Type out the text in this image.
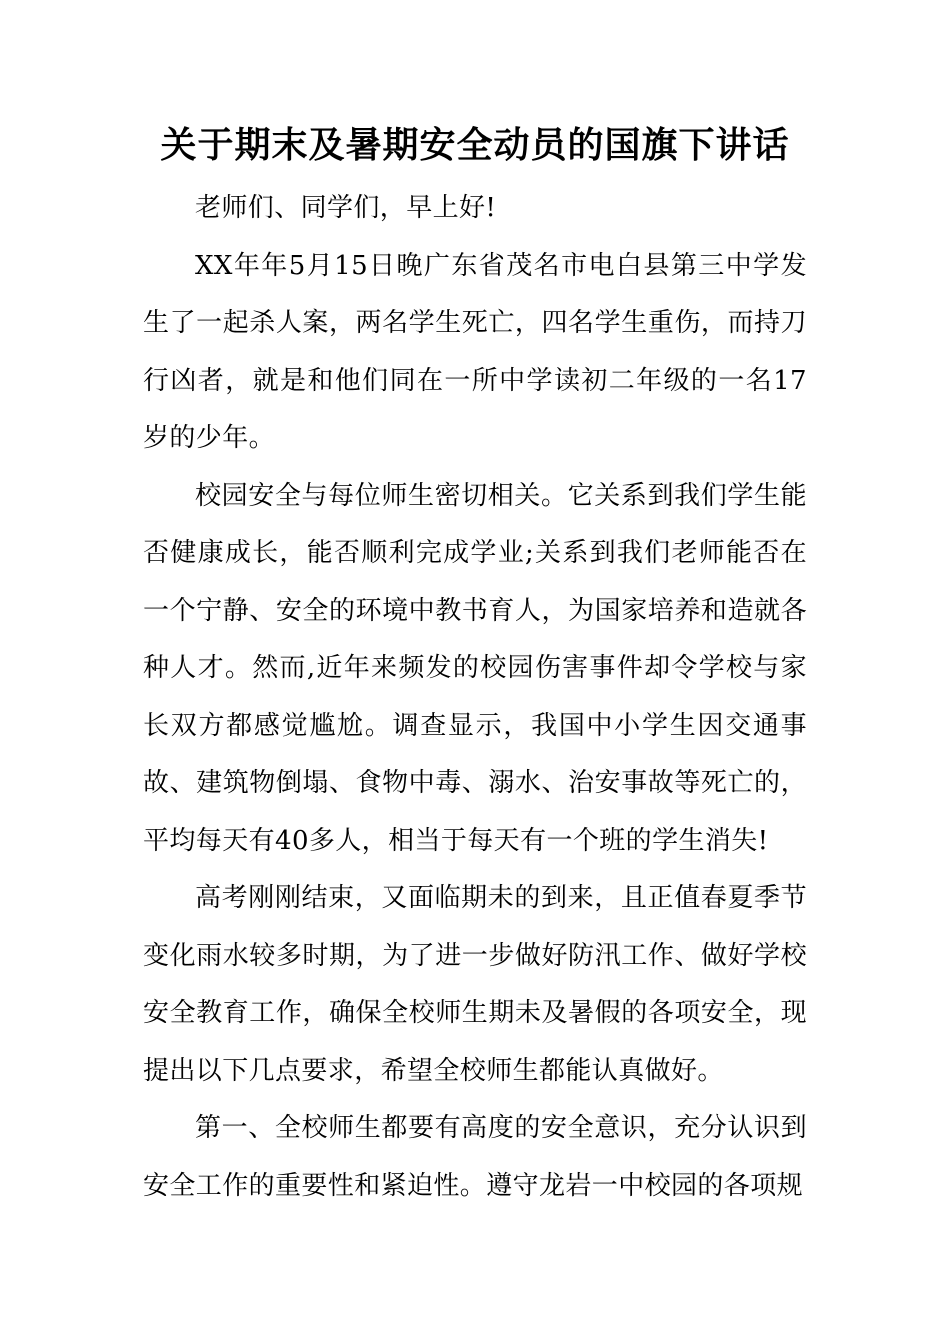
关于期末及暑期安全动员的国旗下讲话

老师们、同学们，早上好!

XX年年5月15日晚广东省茂名市电白县第三中学发生了一起杀人案，两名学生死亡，四名学生重伤，而持刀行凶者，就是和他们同在一所中学读初二年级的一名17岁的少年。

校园安全与每位师生密切相关。它关系到我们学生能否健康成长，能否顺利完成学业;关系到我们老师能否在一个宁静、安全的环境中教书育人，为国家培养和造就各种人才。然而,近年来频发的校园伤害事件却令学校与家长双方都感觉尴尬。调查显示，我国中小学生因交通事故、建筑物倒塌、食物中毒、溺水、治安事故等死亡的，平均每天有40多人，相当于每天有一个班的学生消失!

高考刚刚结束，又面临期未的到来，且正值春夏季节变化雨水较多时期，为了进一步做好防汛工作、做好学校安全教育工作，确保全校师生期未及暑假的各项安全，现提出以下几点要求，希望全校师生都能认真做好。

第一、全校师生都要有高度的安全意识，充分认识到安全工作的重要性和紧迫性。遵守龙岩一中校园的各项规
